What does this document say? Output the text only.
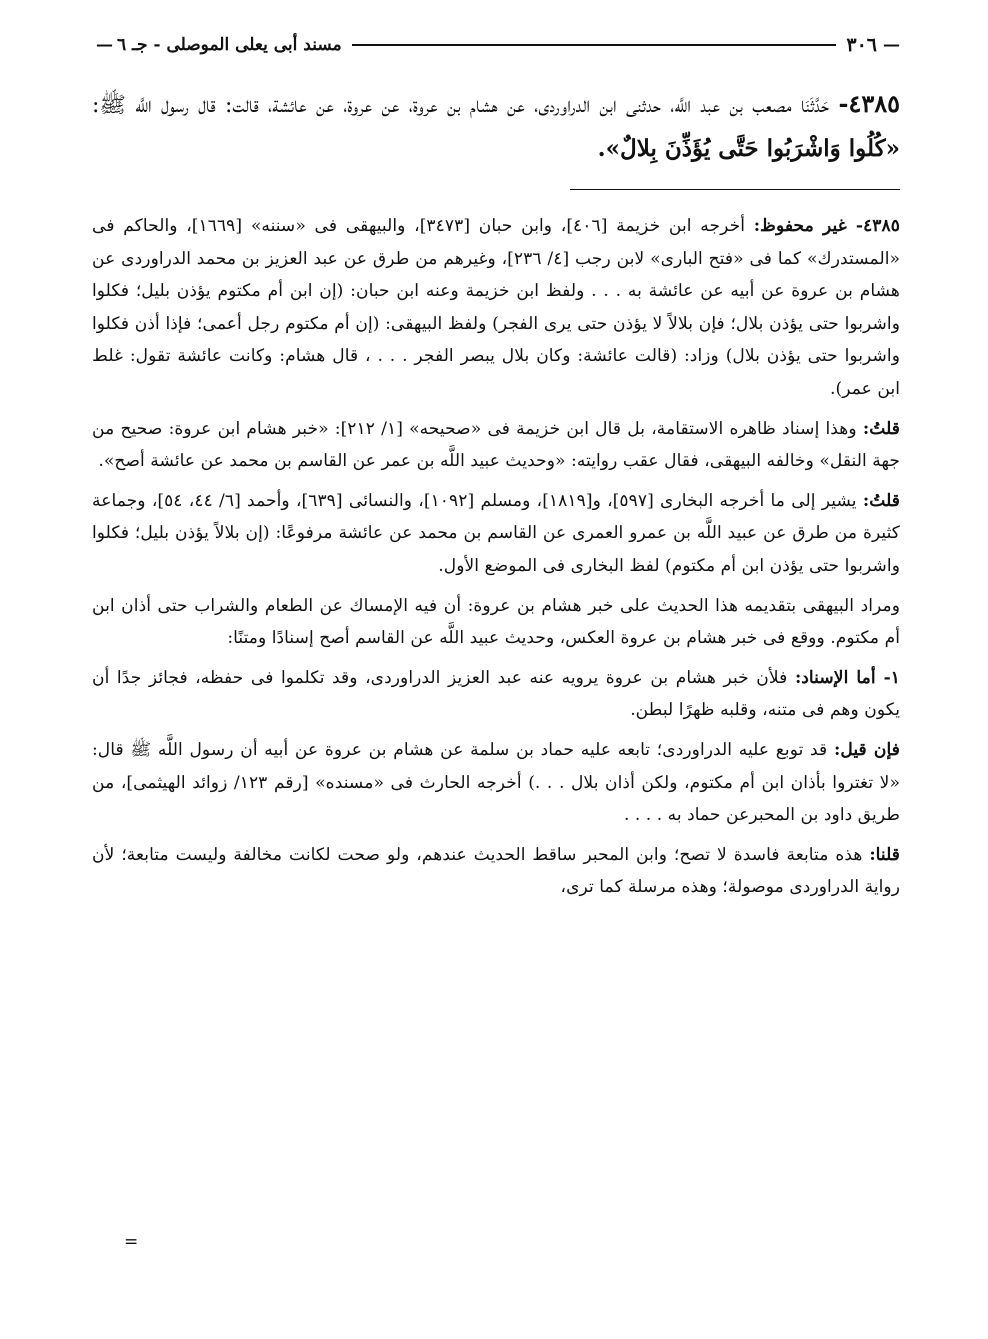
—
٣٠٦
مسند أبى يعلى الموصلى - جـ ٦
—
٤٣٨٥- حَدَّثَنَا مصعب بن عبد اللَّه، حدثنى ابن الدراوردى، عن هشام بن عروة، عن عروة، عن عائشة، قالت: قال رسول اللَّه ﷺ: «كُلُوا وَاشْرَبُوا حَتَّى يُؤَذِّنَ بِلالٌ».

٤٣٨٥- غير محفوظ: أخرجه ابن خزيمة [٤٠٦]، وابن حبان [٣٤٧٣]، والبيهقى فى «سننه» [١٦٦٩]، والحاكم فى «المستدرك» كما فى «فتح البارى» لابن رجب [٤/ ٢٣٦]، وغيرهم من طرق عن عبد العزيز بن محمد الدراوردى عن هشام بن عروة عن أبيه عن عائشة به . . . ولفظ ابن خزيمة وعنه ابن حبان: (إن ابن أم مكتوم يؤذن بليل؛ فكلوا واشربوا حتى يؤذن بلال؛ فإن بلالاً لا يؤذن حتى يرى الفجر) ولفظ البيهقى: (إن أم مكتوم رجل أعمى؛ فإذا أذن فكلوا واشربوا حتى يؤذن بلال) وزاد: (قالت عائشة: وكان بلال يبصر الفجر . . . ، قال هشام: وكانت عائشة تقول: غلط ابن عمر).

قلتُ: وهذا إسناد ظاهره الاستقامة، بل قال ابن خزيمة فى «صحيحه» [١/ ٢١٢]: «خبر هشام ابن عروة: صحيح من جهة النقل» وخالفه البيهقى، فقال عقب روايته: «وحديث عبيد اللَّه بن عمر عن القاسم بن محمد عن عائشة أصح».

قلتُ: يشير إلى ما أخرجه البخارى [٥٩٧]، و[١٨١٩]، ومسلم [١٠٩٢]، والنسائى [٦٣٩]، وأحمد [٦/ ٤٤، ٥٤]، وجماعة كثيرة من طرق عن عبيد اللَّه بن عمرو العمرى عن القاسم بن محمد عن عائشة مرفوعًا: (إن بلالاً يؤذن بليل؛ فكلوا واشربوا حتى يؤذن ابن أم مكتوم) لفظ البخارى فى الموضع الأول.

ومراد البيهقى بتقديمه هذا الحديث على خبر هشام بن عروة: أن فيه الإمساك عن الطعام والشراب حتى أذان ابن أم مكتوم. ووقع فى خبر هشام بن عروة العكس، وحديث عبيد اللَّه عن القاسم أصح إسنادًا ومتنًا:

١- أما الإسناد: فلأن خبر هشام بن عروة يرويه عنه عبد العزيز الدراوردى، وقد تكلموا فى حفظه، فجائز جدًا أن يكون وهم فى متنه، وقلبه ظهرًا لبطن.

فإن قيل: قد توبع عليه الدراوردى؛ تابعه عليه حماد بن سلمة عن هشام بن عروة عن أبيه أن رسول اللَّه ﷺ قال: «لا تغتروا بأذان ابن أم مكتوم، ولكن أذان بلال . . .) أخرجه الحارث فى «مسنده» [رقم ١٢٣/ زوائد الهيثمى]، من طريق داود بن المحبرعن حماد به . . . .

قلنا: هذه متابعة فاسدة لا تصح؛ وابن المحبر ساقط الحديث عندهم، ولو صحت لكانت مخالفة وليست متابعة؛ لأن رواية الدراوردى موصولة؛ وهذه مرسلة كما ترى،

=
